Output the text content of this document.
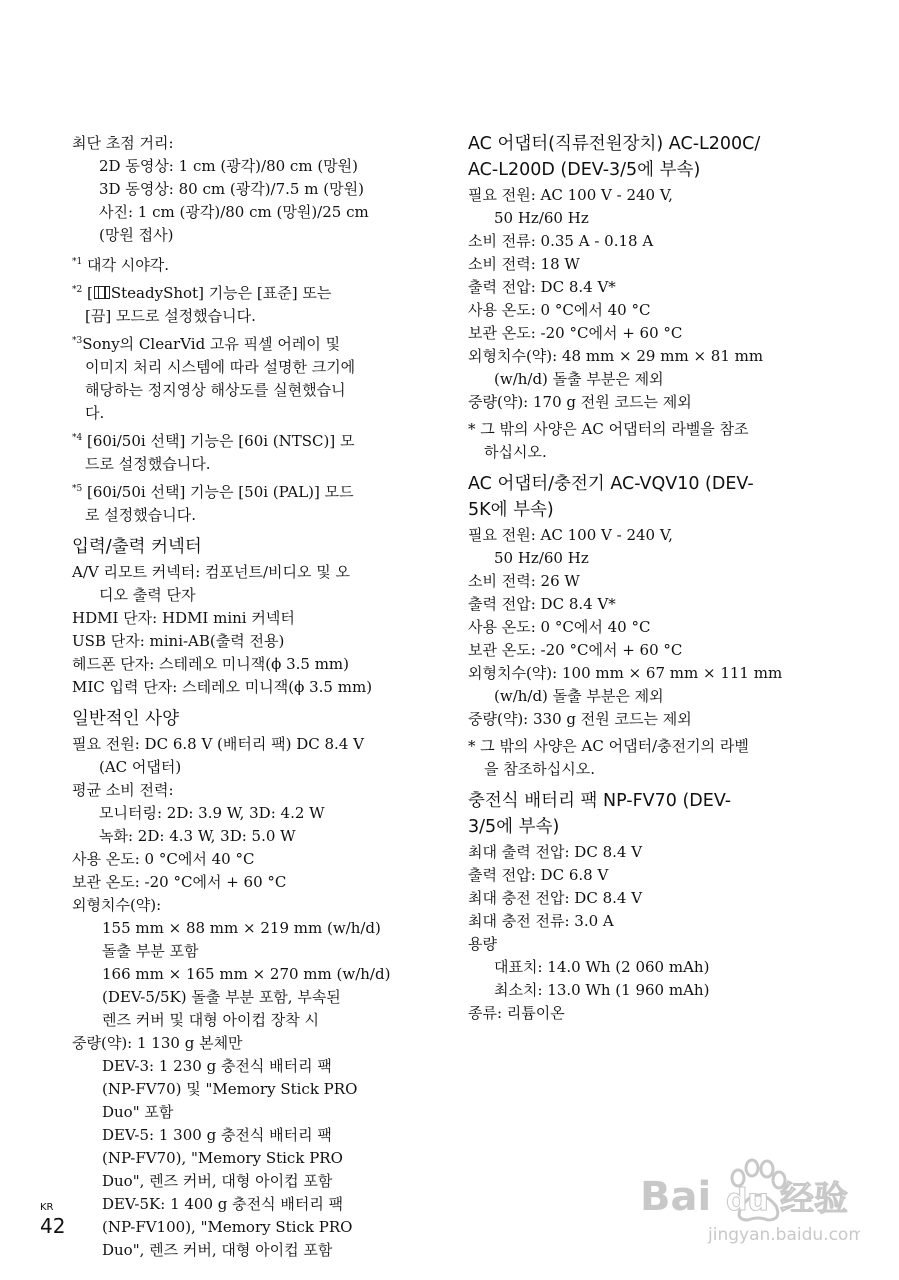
최단 초점 거리:
2D 동영상: 1 cm (광각)/80 cm (망원)
3D 동영상: 80 cm (광각)/7.5 m (망원)
사진: 1 cm (광각)/80 cm (망원)/25 cm
(망원 접사)
$^{*1}$ 대각 시야각.
$^{*2}$ [ SteadyShot] 기능은 [표준] 또는
[끔] 모드로 설정했습니다.
$^{*3}$Sony의 ClearVid 고유 픽셀 어레이 및
이미지 처리 시스템에 따라 설명한 크기에
해당하는 정지영상 해상도를 실현했습니
다.
$^{*4}$ [60i/50i 선택] 기능은 [60i (NTSC)] 모
드로 설정했습니다.
$^{*5}$ [60i/50i 선택] 기능은 [50i (PAL)] 모드
로 설정했습니다.
입력/출력 커넥터
A/V 리모트 커넥터: 컴포넌트/비디오 및 오
디오 출력 단자
HDMI 단자: HDMI mini 커넥터
USB 단자: mini-AB(출력 전용)
헤드폰 단자: 스테레오 미니잭(ϕ 3.5 mm)
MIC 입력 단자: 스테레오 미니잭(ϕ 3.5 mm)
일반적인 사양
필요 전원: DC 6.8 V (배터리 팩) DC 8.4 V
(AC 어댑터)
평균 소비 전력:
모니터링: 2D: 3.9 W, 3D: 4.2 W
녹화: 2D: 4.3 W, 3D: 5.0 W
사용 온도: 0 °C에서 40 °C
보관 온도: -20 °C에서 + 60 °C
외형치수(약):
155 mm × 88 mm × 219 mm (w/h/d)
돌출 부분 포함
166 mm × 165 mm × 270 mm (w/h/d)
(DEV-5/5K) 돌출 부분 포함, 부속된
렌즈 커버 및 대형 아이컵 장착 시
중량(약): 1 130 g 본체만
DEV-3: 1 230 g 충전식 배터리 팩
(NP-FV70) 및 "Memory Stick PRO
Duo" 포함
DEV-5: 1 300 g 충전식 배터리 팩
(NP-FV70), "Memory Stick PRO
Duo", 렌즈 커버, 대형 아이컵 포함
DEV-5K: 1 400 g 충전식 배터리 팩
(NP-FV100), "Memory Stick PRO
Duo", 렌즈 커버, 대형 아이컵 포함
AC 어댑터(직류전원장치) AC-L200C/
AC-L200D (DEV-3/5에 부속)
필요 전원: AC 100 V - 240 V,
50 Hz/60 Hz
소비 전류: 0.35 A - 0.18 A
소비 전력: 18 W
출력 전압: DC 8.4 V*
사용 온도: 0 °C에서 40 °C
보관 온도: -20 °C에서 + 60 °C
외형치수(약): 48 mm × 29 mm × 81 mm
(w/h/d) 돌출 부분은 제외
중량(약): 170 g 전원 코드는 제외
* 그 밖의 사양은 AC 어댑터의 라벨을 참조
하십시오.
AC 어댑터/충전기 AC-VQV10 (DEV-
5K에 부속)
필요 전원: AC 100 V - 240 V,
50 Hz/60 Hz
소비 전력: 26 W
출력 전압: DC 8.4 V*
사용 온도: 0 °C에서 40 °C
보관 온도: -20 °C에서 + 60 °C
외형치수(약): 100 mm × 67 mm × 111 mm
(w/h/d) 돌출 부분은 제외
중량(약): 330 g 전원 코드는 제외
* 그 밖의 사양은 AC 어댑터/충전기의 라벨
을 참조하십시오.
충전식 배터리 팩 NP-FV70 (DEV-
3/5에 부속)
최대 출력 전압: DC 8.4 V
출력 전압: DC 6.8 V
최대 충전 전압: DC 8.4 V
최대 충전 전류: 3.0 A
용량
대표치: 14.0 Wh (2 060 mAh)
최소치: 13.0 Wh (1 960 mAh)
종류: 리튬이온
KR
42
Bai du 经验
jingyan.baidu.com
